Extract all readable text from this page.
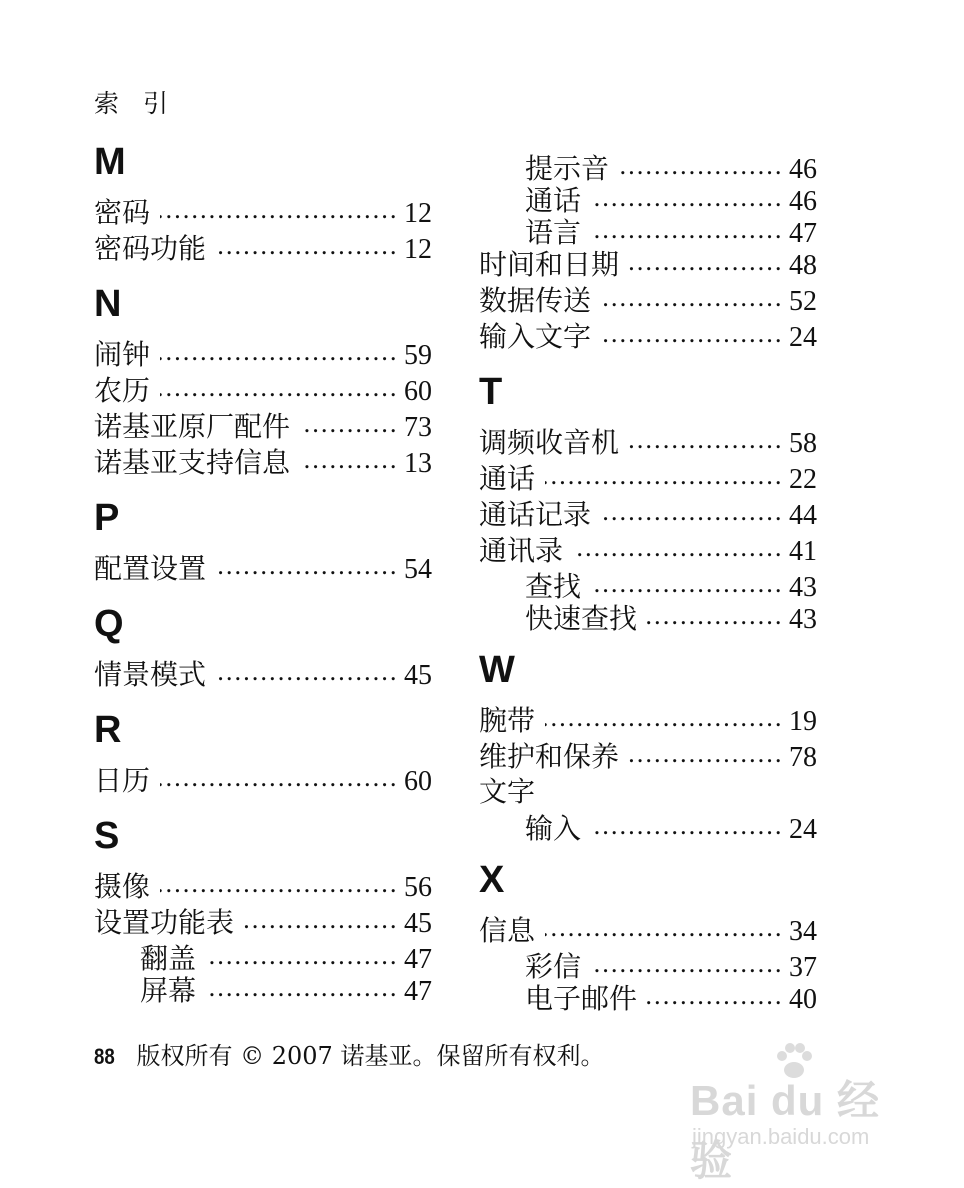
索 引
M
密码 .....	12
密码功能 .....	12
N
闹钟 .....	59
农历 .....	60
诺基亚原厂配件 .....	73
诺基亚支持信息 .....	13
P
配置设置 .....	54
Q
情景模式 .....	45
R
日历 .....	60
S
摄像 .....	56
设置功能表 .....	45
翻盖 .....	47
屏幕 .....	47
提示音 .....	46
通话 .....	46
语言 .....	47
时间和日期 .....	48
数据传送 .....	52
输入文字 .....	24
T
调频收音机 .....	58
通话 .....	22
通话记录 .....	44
通讯录 .....	41
查找 .....	43
快速查找 .....	43
W
腕带 .....	19
维护和保养 .....	78
文字
输入 .....	24
X
信息 .....	34
彩信 .....	37
电子邮件 .....	40
88 版权所有 © 2007 诺基亚。保留所有权利。
Bai du 经验
jingyan.baidu.com
